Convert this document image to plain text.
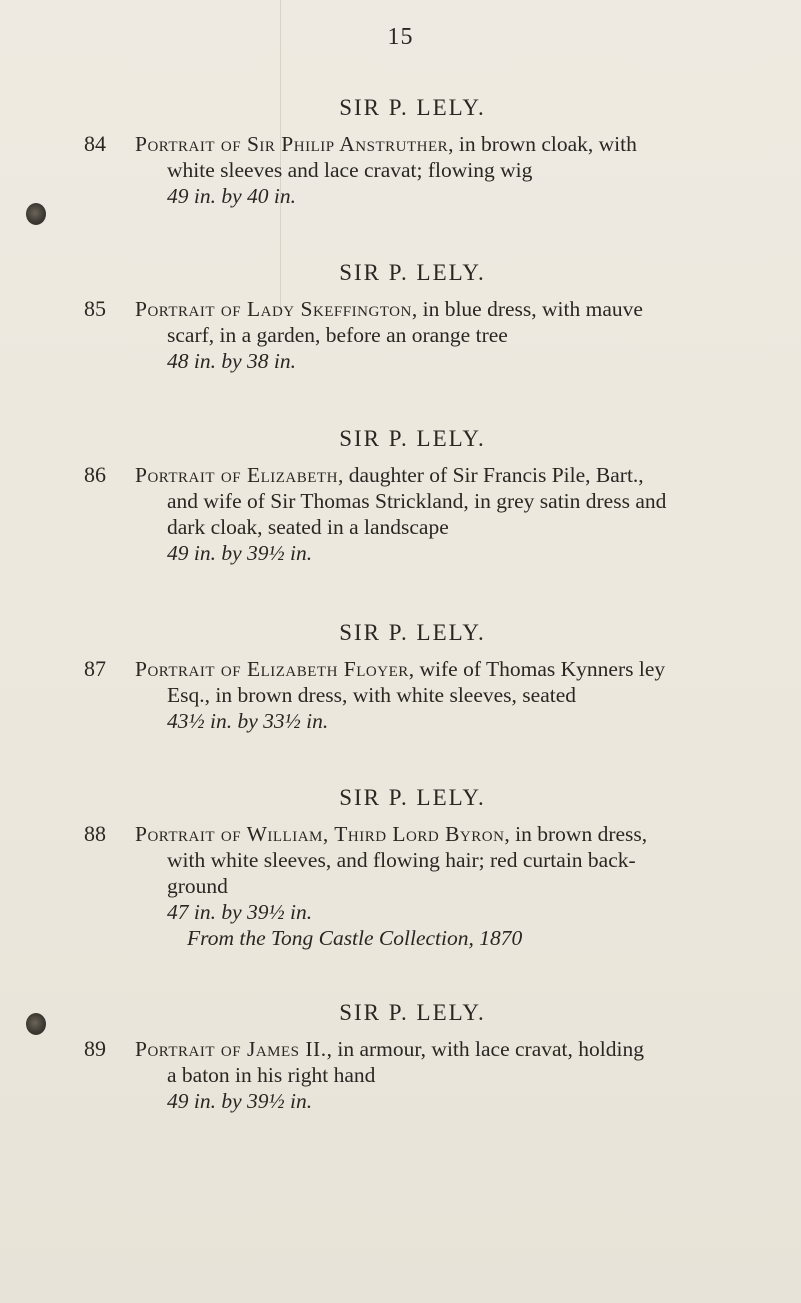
15
SIR P. LELY.
84 Portrait of Sir Philip Anstruther, in brown cloak, with
white sleeves and lace cravat; flowing wig
49 in. by 40 in.
SIR P. LELY.
85 Portrait of Lady Skeffington, in blue dress, with mauve
scarf, in a garden, before an orange tree
48 in. by 38 in.
SIR P. LELY.
86 Portrait of Elizabeth, daughter of Sir Francis Pile, Bart.,
and wife of Sir Thomas Strickland, in grey satin dress and
dark cloak, seated in a landscape
49 in. by 39½ in.
SIR P. LELY.
87 Portrait of Elizabeth Floyer, wife of Thomas Kynners ley
Esq., in brown dress, with white sleeves, seated
43½ in. by 33½ in.
SIR P. LELY.
88 Portrait of William, Third Lord Byron, in brown dress,
with white sleeves, and flowing hair; red curtain back-
ground
47 in. by 39½ in.
From the Tong Castle Collection, 1870
SIR P. LELY.
89 Portrait of James II., in armour, with lace cravat, holding
a baton in his right hand
49 in. by 39½ in.
